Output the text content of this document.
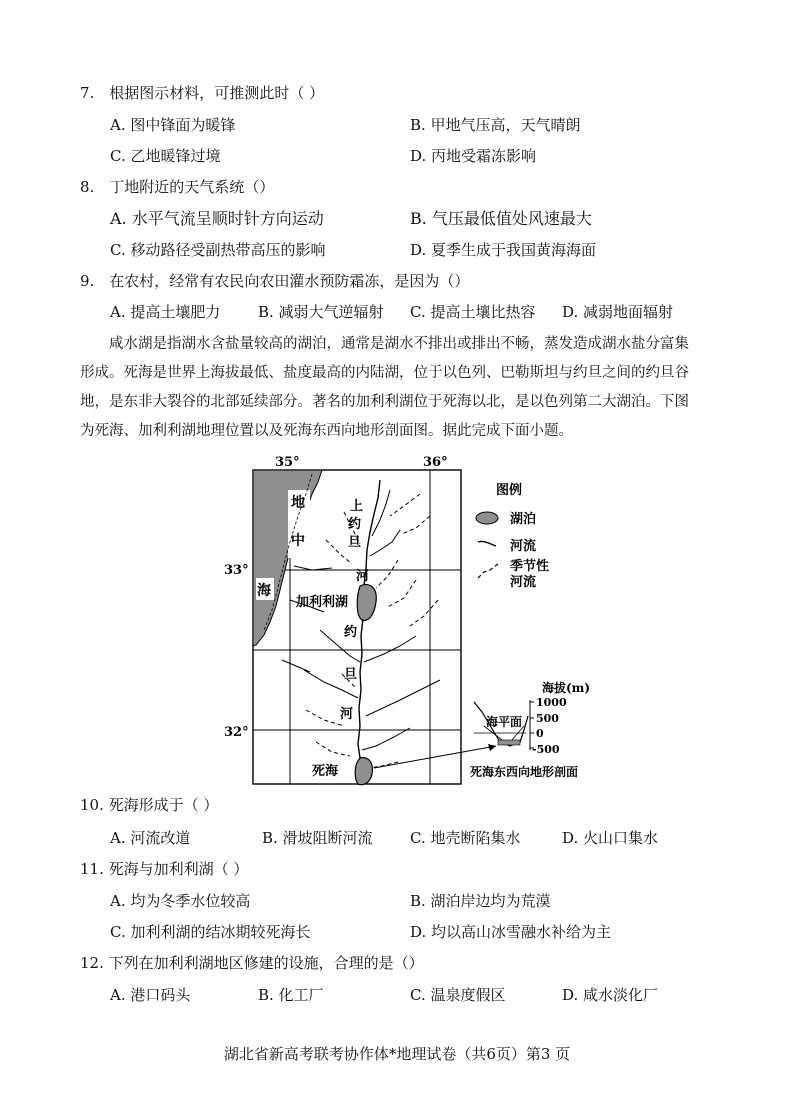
7.　根据图示材料，可推测此时（ ）
A. 图中锋面为暖锋	B. 甲地气压高，天气晴朗
C. 乙地暖锋过境	D. 丙地受霜冻影响
8.　丁地附近的天气系统（）
A. 水平气流呈顺时针方向运动	B. 气压最低值处风速最大
C. 移动路径受副热带高压的影响	D. 夏季生成于我国黄海海面
9.　在农村，经常有农民向农田灌水预防霜冻，是因为（）
A. 提高土壤肥力	B. 减弱大气逆辐射 C. 提高土壤比热容 D. 减弱地面辐射
　　咸水湖是指湖水含盐量较高的湖泊，通常是湖水不排出或排出不畅，蒸发造成湖水盐分富集
形成。死海是世界上海拔最低、盐度最高的内陆湖，位于以色列、巴勒斯坦与约旦之间的约旦谷
地，是东非大裂谷的北部延续部分。著名的加利利湖位于死海以北，是以色列第二大湖泊。下图
为死海、加利利湖地理位置以及死海东西向地形剖面图。据此完成下面小题。
35°	36°
33°
32°
地
中
海
上
约
旦
河
约
旦
河
加利利湖
死海
图例
湖泊
河流
季节性
河流
海拔(m)
1000
500
0
-500
海平面
死海东西向地形剖面
10. 死海形成于（ ）
A. 河流改道	B. 滑坡阻断河流 C. 地壳断陷集水	D. 火山口集水
11. 死海与加利利湖（ ）
A. 均为冬季水位较高	B. 湖泊岸边均为荒漠
C. 加利利湖的结冰期较死海长	D. 均以高山冰雪融水补给为主
12. 下列在加利利湖地区修建的设施，合理的是（）
A. 港口码头	B. 化工厂	C. 温泉度假区	D. 咸水淡化厂
湖北省新高考联考协作体*地理试卷（共6页）第3 页
